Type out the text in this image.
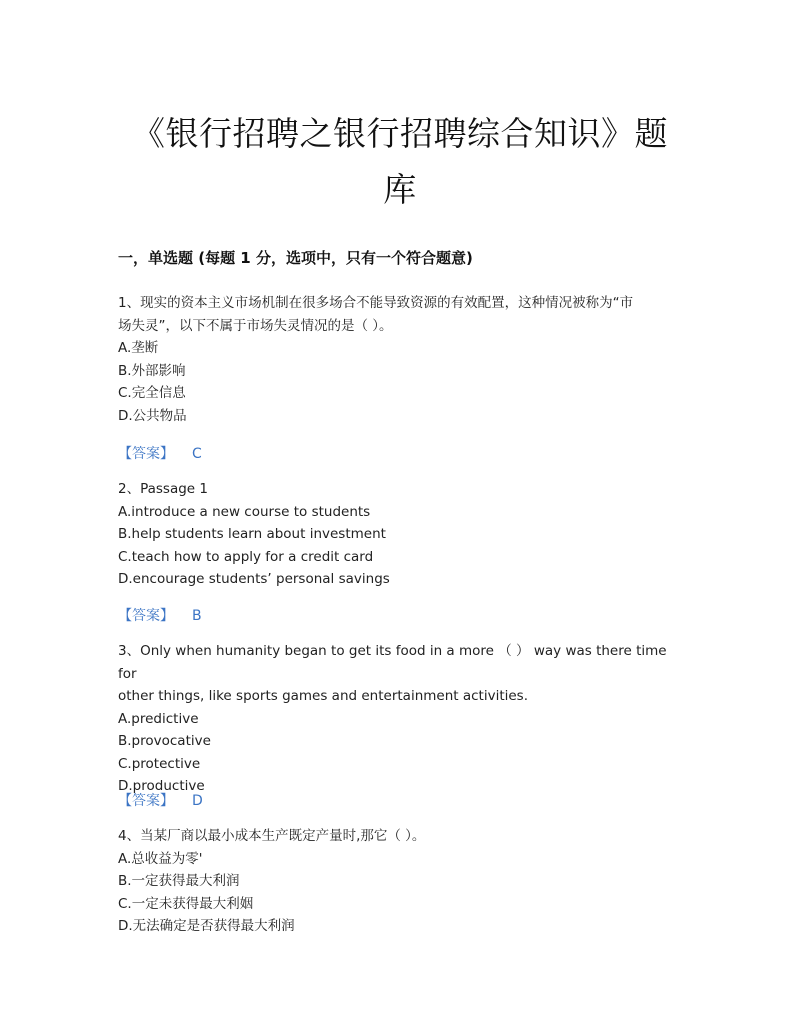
《银行招聘之银行招聘综合知识》题
库
一，单选题 (每题 1 分，选项中，只有一个符合题意)

1、现实的资本主义市场机制在很多场合不能导致资源的有效配置，这种情况被称为“市

场失灵”，以下不属于市场失灵情况的是（ ）。

A.垄断

B.外部影响

C.完全信息

D.公共物品

【答案】 C

2、Passage 1

A.introduce a new course to students

B.help students learn about investment

C.teach how to apply for a credit card

D.encourage students’ personal savings

【答案】 B

3、Only when humanity began to get its food in a more （ ） way was there time for

other things, like sports games and entertainment activities.

A.predictive

B.provocative

C.protective

D.productive

【答案】 D

4、当某厂商以最小成本生产既定产量时,那它（ ）。

A.总收益为零'

B.一定获得最大利润

C.一定未获得最大利姻

D.无法确定是否获得最大利润
